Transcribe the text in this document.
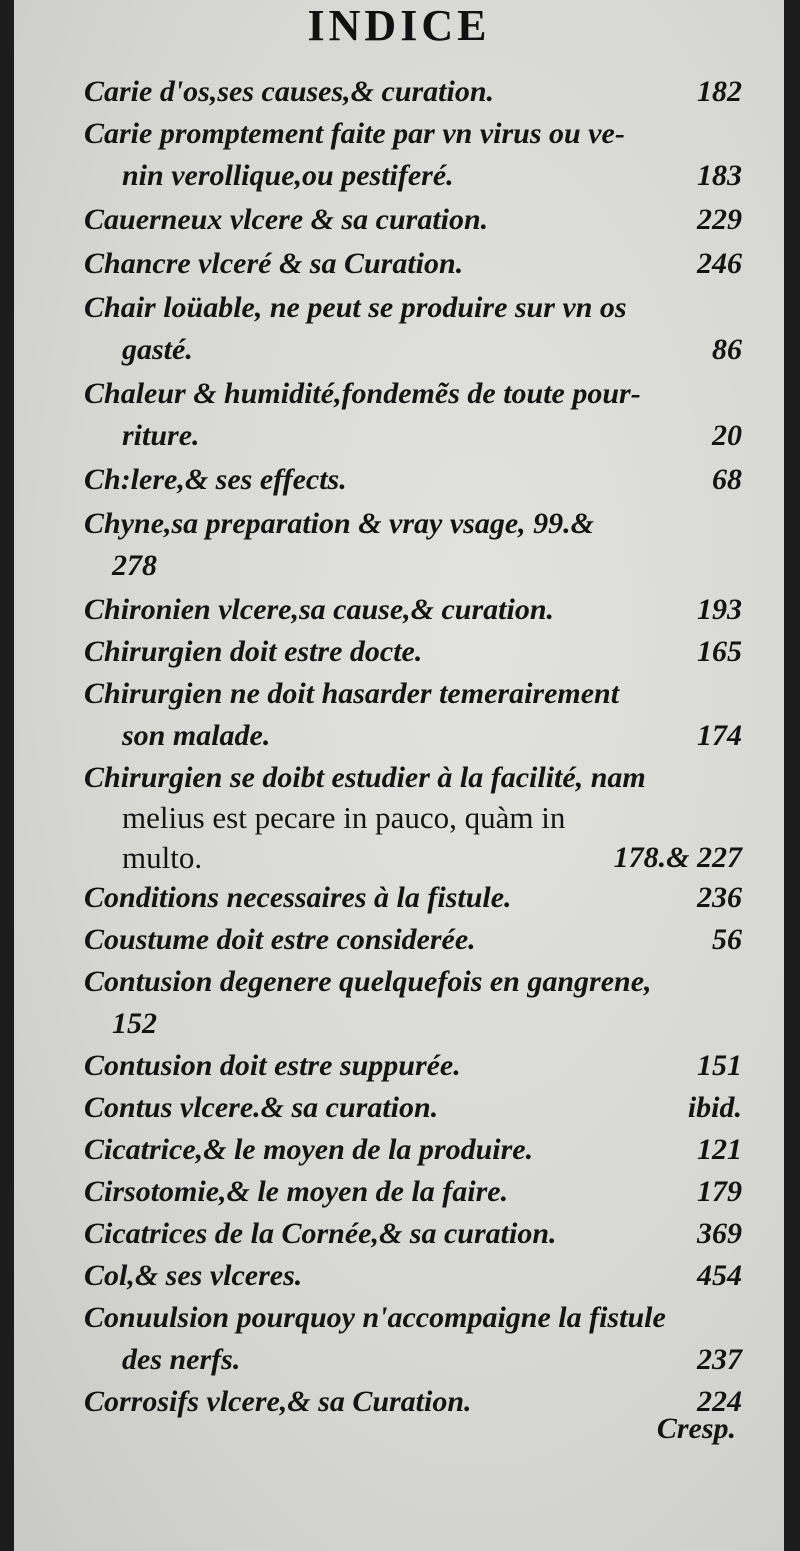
INDICE
Carie d'os,ses causes,& curation.	182
Carie promptement faite par vn virus ou ve-
nin verollique,ou pestiferé.	183
Cauerneux vlcere & sa curation.	229
Chancre vlceré & sa Curation.	246
Chair loüable, ne peut se produire sur vn os
gasté.	86
Chaleur & humidité,fondemẽs de toute pour-
riture.	20
Ch:lere,& ses effects.	68
Chyne,sa preparation & vray vsage, 99.&
278
Chironien vlcere,sa cause,& curation.	193
Chirurgien doit estre docte.	165
Chirurgien ne doit hasarder temerairement
son malade.	174
Chirurgien se doibt estudier à la facilité, nam
melius est pecare in pauco, quàm in
multo.	178.& 227
Conditions necessaires à la fistule.	236
Coustume doit estre considerée.	56
Contusion degenere quelquefois en gangrene,
152
Contusion doit estre suppurée.	151
Contus vlcere.& sa curation.	ibid.
Cicatrice,& le moyen de la produire.	121
Cirsotomie,& le moyen de la faire.	179
Cicatrices de la Cornée,& sa curation.	369
Col,& ses vlceres.	454
Conuulsion pourquoy n'accompaigne la fistule
des nerfs.	237
Corrosifs vlcere,& sa Curation.	224
Cresp.
